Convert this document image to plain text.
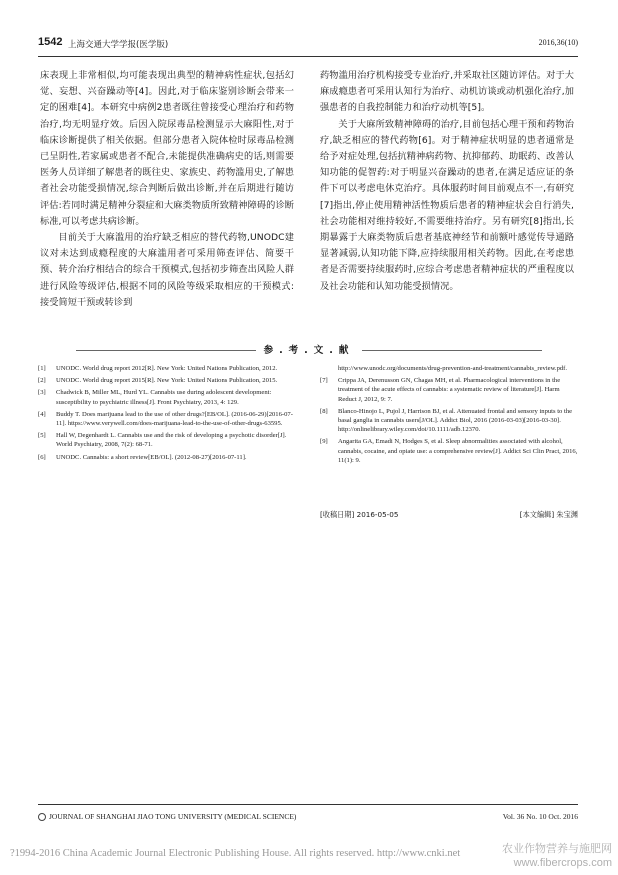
1542 上海交通大学学报(医学版)	2016,36(10)

床表现上非常相似,均可能表现出典型的精神病性症状,包括幻觉、妄想、兴奋躁动等[4]。因此,对于临床鉴别诊断会带来一定的困难[4]。本研究中病例2患者既往曾接受心理治疗和药物治疗,均无明显疗效。后因入院尿毒品检测显示大麻阳性,对于临床诊断提供了相关依据。但部分患者入院体检时尿毒品检测已呈阴性,若家属或患者不配合,未能提供准确病史的话,则需要医务人员详细了解患者的既往史、家族史、药物滥用史,了解患者社会功能受损情况,综合判断后做出诊断,并在后期进行随访评估:若同时满足精神分裂症和大麻类物质所致精神障碍的诊断标准,可以考虑共病诊断。

目前关于大麻滥用的治疗缺乏相应的替代药物,UNODC建议对未达到成瘾程度的大麻滥用者可采用筛查评估、简要干预、转介治疗相结合的综合干预模式,包括初步筛查出风险人群进行风险等级评估,根据不同的风险等级采取相应的干预模式:接受简短干预或转诊到

药物滥用治疗机构接受专业治疗,并采取社区随访评估。对于大麻成瘾患者可采用认知行为治疗、动机访谈或动机强化治疗,加强患者的自我控制能力和治疗动机等[5]。

关于大麻所致精神障碍的治疗,目前包括心理干预和药物治疗,缺乏相应的替代药物[6]。对于精神症状明显的患者通常是给予对症处理,包括抗精神病药物、抗抑郁药、助眠药、改善认知功能的促智药:对于明显兴奋躁动的患者,在满足适应证的条件下可以考虑电休克治疗。具体服药时间目前观点不一,有研究[7]指出,停止使用精神活性物质后患者的精神症状会自行消失,社会功能相对维持较好,不需要维持治疗。另有研究[8]指出,长期暴露于大麻类物质后患者基底神经节和前额叶感觉传导通路显著减弱,认知功能下降,应持续服用相关药物。因此,在考虑患者是否需要持续服药时,应综合考虑患者精神症状的严重程度以及社会功能和认知功能受损情况。

参.考.文.献
[1]	UNODC. World drug report 2012[R]. New York: United Nations Publication, 2012.
[2]	UNODC. World drug report 2015[R]. New York: United Nations Publication, 2015.
[3]	Chadwick B, Miller ML, Hurd YL. Cannabis use during adolescent development: susceptibility to psychiatric illness[J]. Front Psychiatry, 2013, 4: 129.
[4]	Buddy T. Does marijuana lead to the use of other drugs?[EB/OL]. (2016-06-29)[2016-07-11]. https://www.verywell.com/does-marijuana-lead-to-the-use-of-other-drugs-63595.
[5]	Hall W, Degenhardt L. Cannabis use and the risk of developing a psychotic disorder[J]. World Psychiatry, 2008, 7(2): 68-71.
[6]	UNODC. Cannabis: a short review[EB/OL]. (2012-08-27)[2016-07-11].
http://www.unodc.org/documents/drug-prevention-and-treatment/cannabis_review.pdf.
[7]	Crippa JA, Derenusson GN, Chagas MH, et al. Pharmacological interventions in the treatment of the acute effects of cannabis: a systematic review of literature[J]. Harm Reduct J, 2012, 9: 7.
[8]	Blanco-Hinojo L, Pujol J, Harrison BJ, et al. Attenuated frontal and sensory inputs to the basal ganglia in cannabis users[J/OL]. Addict Biol, 2016 (2016-03-03)[2016-03-30]. http://onlinelibrary.wiley.com/doi/10.1111/adb.12370.
[9]	Angarita GA, Emadi N, Hodges S, et al. Sleep abnormalities associated with alcohol, cannabis, cocaine, and opiate use: a comprehensive review[J]. Addict Sci Clin Pract, 2016, 11(1): 9.
[收稿日期] 2016-05-05	[本文编辑] 朱宝渊
JOURNAL OF SHANGHAI JIAO TONG UNIVERSITY (MEDICAL SCIENCE)	Vol. 36 No. 10 Oct. 2016
?1994-2016 China Academic Journal Electronic Publishing House. All rights reserved. http://www.cnki.net	农业作物营养与施肥网
www.fibercrops.com
